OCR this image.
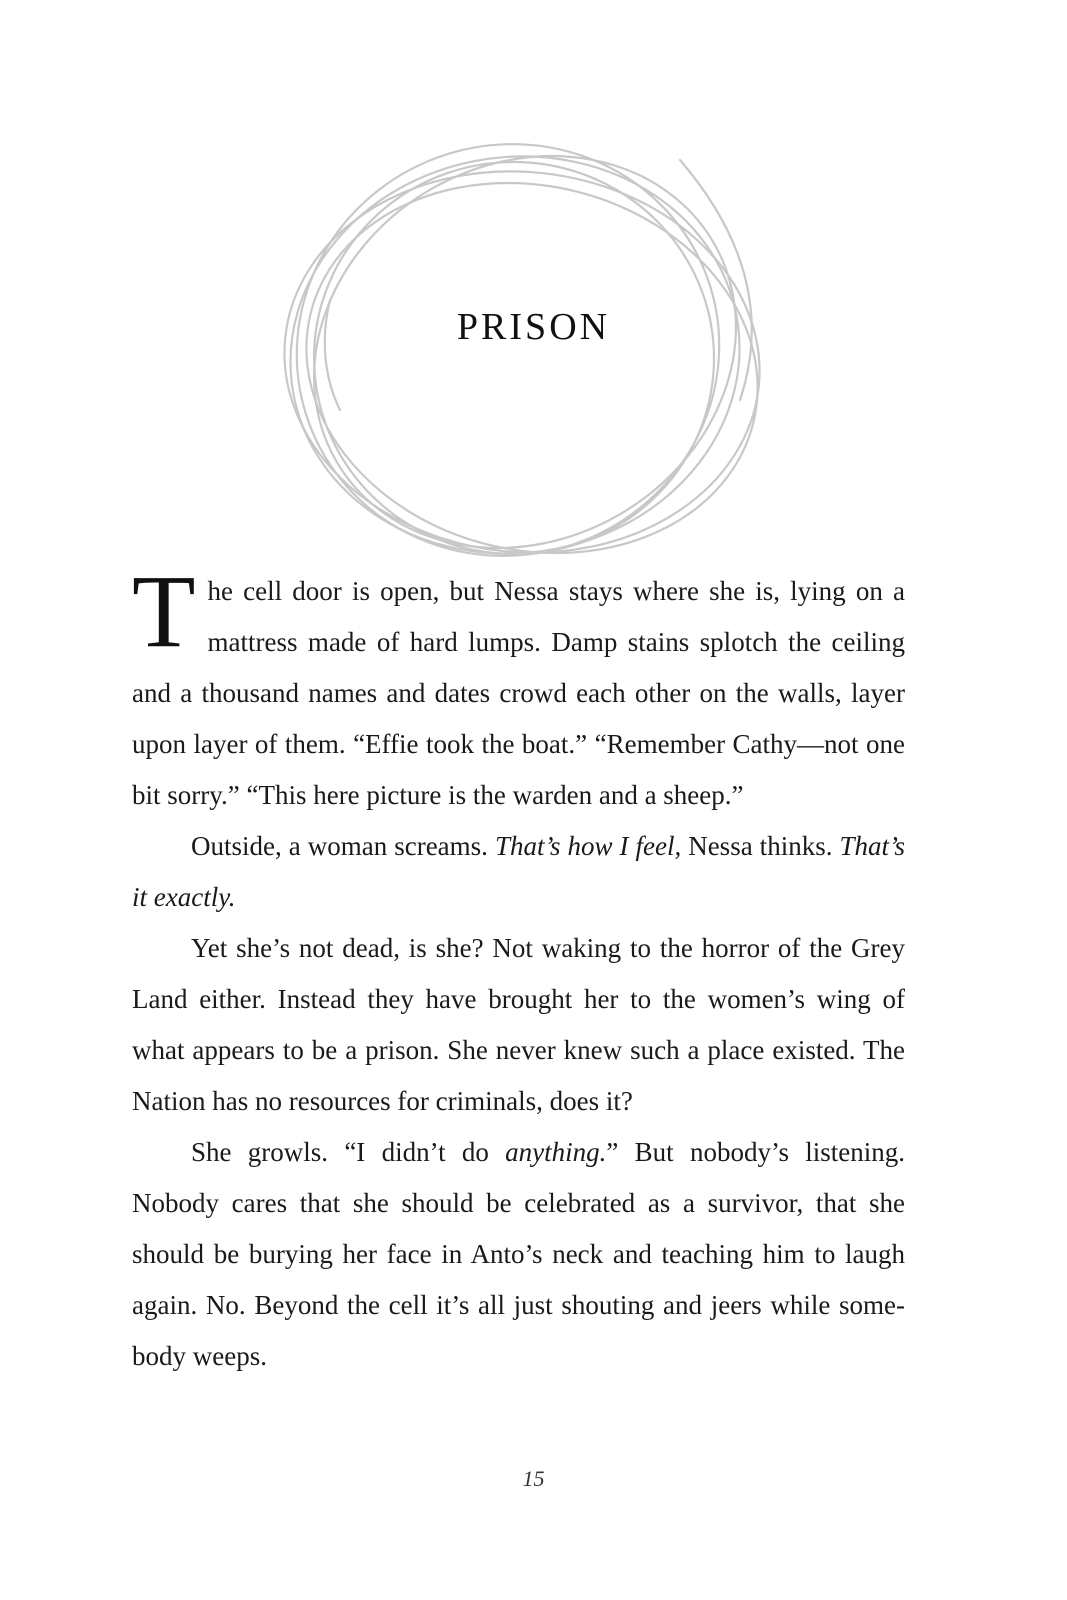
PRISON

The cell door is open, but Nessa stays where she is, lying on a mattress made of hard lumps. Damp stains splotch the ceiling and a thousand names and dates crowd each other on the walls, layer upon layer of them. “Effie took the boat.” “Remember Cathy—not one bit sorry.” “This here picture is the warden and a sheep.”

Outside, a woman screams. That’s how I feel, Nessa thinks. That’s it exactly.

Yet she’s not dead, is she? Not waking to the horror of the Grey Land either. Instead they have brought her to the women’s wing of what appears to be a prison. She never knew such a place existed. The Nation has no resources for criminals, does it?

She growls. “I didn’t do anything.” But nobody’s listening. Nobody cares that she should be celebrated as a survivor, that she should be burying her face in Anto’s neck and teaching him to laugh again. No. Beyond the cell it’s all just shouting and jeers while some-body weeps.

15
